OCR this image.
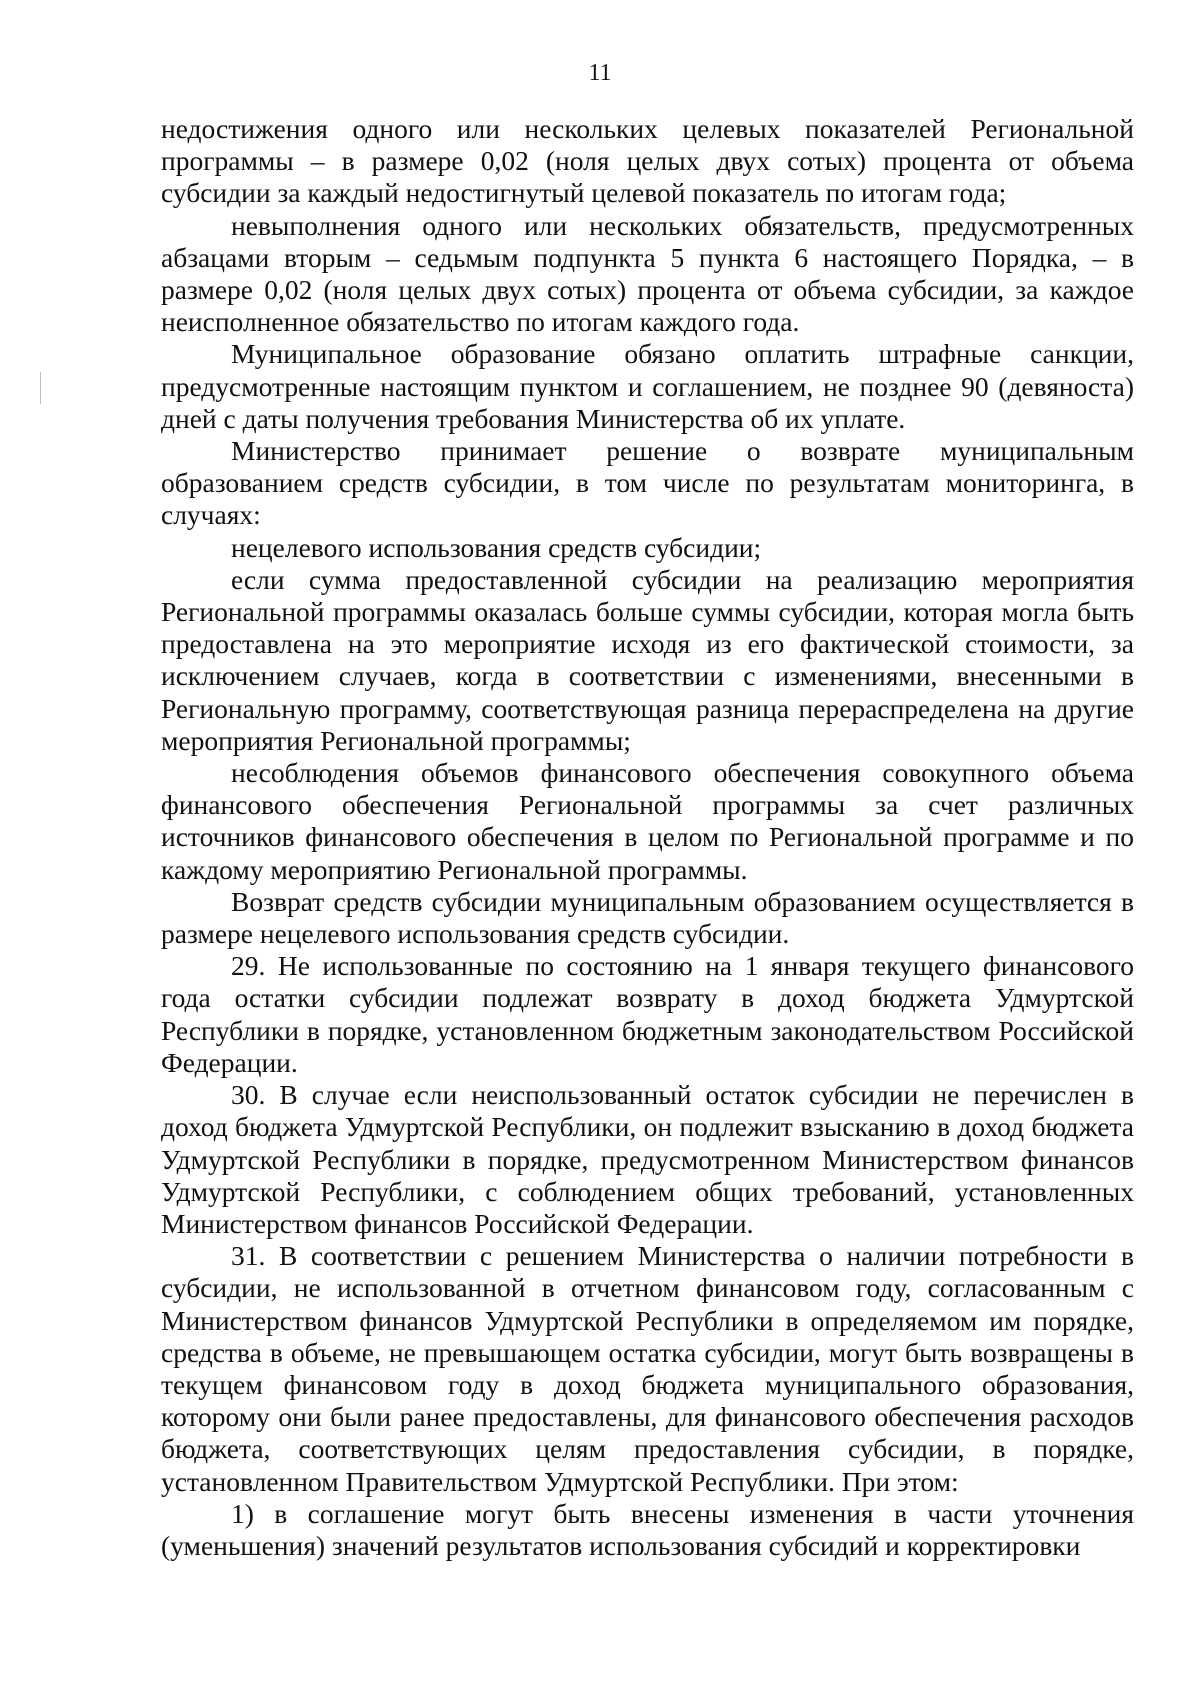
11

недостижения одного или нескольких целевых показателей Региональной программы – в размере 0,02 (ноля целых двух сотых) процента от объема субсидии за каждый недостигнутый целевой показатель по итогам года;

невыполнения одного или нескольких обязательств, предусмотренных абзацами вторым – седьмым подпункта 5 пункта 6 настоящего Порядка, – в размере 0,02 (ноля целых двух сотых) процента от объема субсидии, за каждое неисполненное обязательство по итогам каждого года.

Муниципальное образование обязано оплатить штрафные санкции, предусмотренные настоящим пунктом и соглашением, не позднее 90 (девяноста) дней с даты получения требования Министерства об их уплате.

Министерство принимает решение о возврате муниципальным образованием средств субсидии, в том числе по результатам мониторинга, в случаях:

нецелевого использования средств субсидии;

если сумма предоставленной субсидии на реализацию мероприятия Региональной программы оказалась больше суммы субсидии, которая могла быть предоставлена на это мероприятие исходя из его фактической стоимости, за исключением случаев, когда в соответствии с изменениями, внесенными в Региональную программу, соответствующая разница перераспределена на другие мероприятия Региональной программы;

несоблюдения объемов финансового обеспечения совокупного объема финансового обеспечения Региональной программы за счет различных источников финансового обеспечения в целом по Региональной программе и по каждому мероприятию Региональной программы.

Возврат средств субсидии муниципальным образованием осуществляется в размере нецелевого использования средств субсидии.

29. Не использованные по состоянию на 1 января текущего финансового года остатки субсидии подлежат возврату в доход бюджета Удмуртской Республики в порядке, установленном бюджетным законодательством Российской Федерации.

30. В случае если неиспользованный остаток субсидии не перечислен в доход бюджета Удмуртской Республики, он подлежит взысканию в доход бюджета Удмуртской Республики в порядке, предусмотренном Министерством финансов Удмуртской Республики, с соблюдением общих требований, установленных Министерством финансов Российской Федерации.

31. В соответствии с решением Министерства о наличии потребности в субсидии, не использованной в отчетном финансовом году, согласованным с Министерством финансов Удмуртской Республики в определяемом им порядке, средства в объеме, не превышающем остатка субсидии, могут быть возвращены в текущем финансовом году в доход бюджета муниципального образования, которому они были ранее предоставлены, для финансового обеспечения расходов бюджета, соответствующих целям предоставления субсидии, в порядке, установленном Правительством Удмуртской Республики. При этом:

1) в соглашение могут быть внесены изменения в части уточнения (уменьшения) значений результатов использования субсидий и корректировки
